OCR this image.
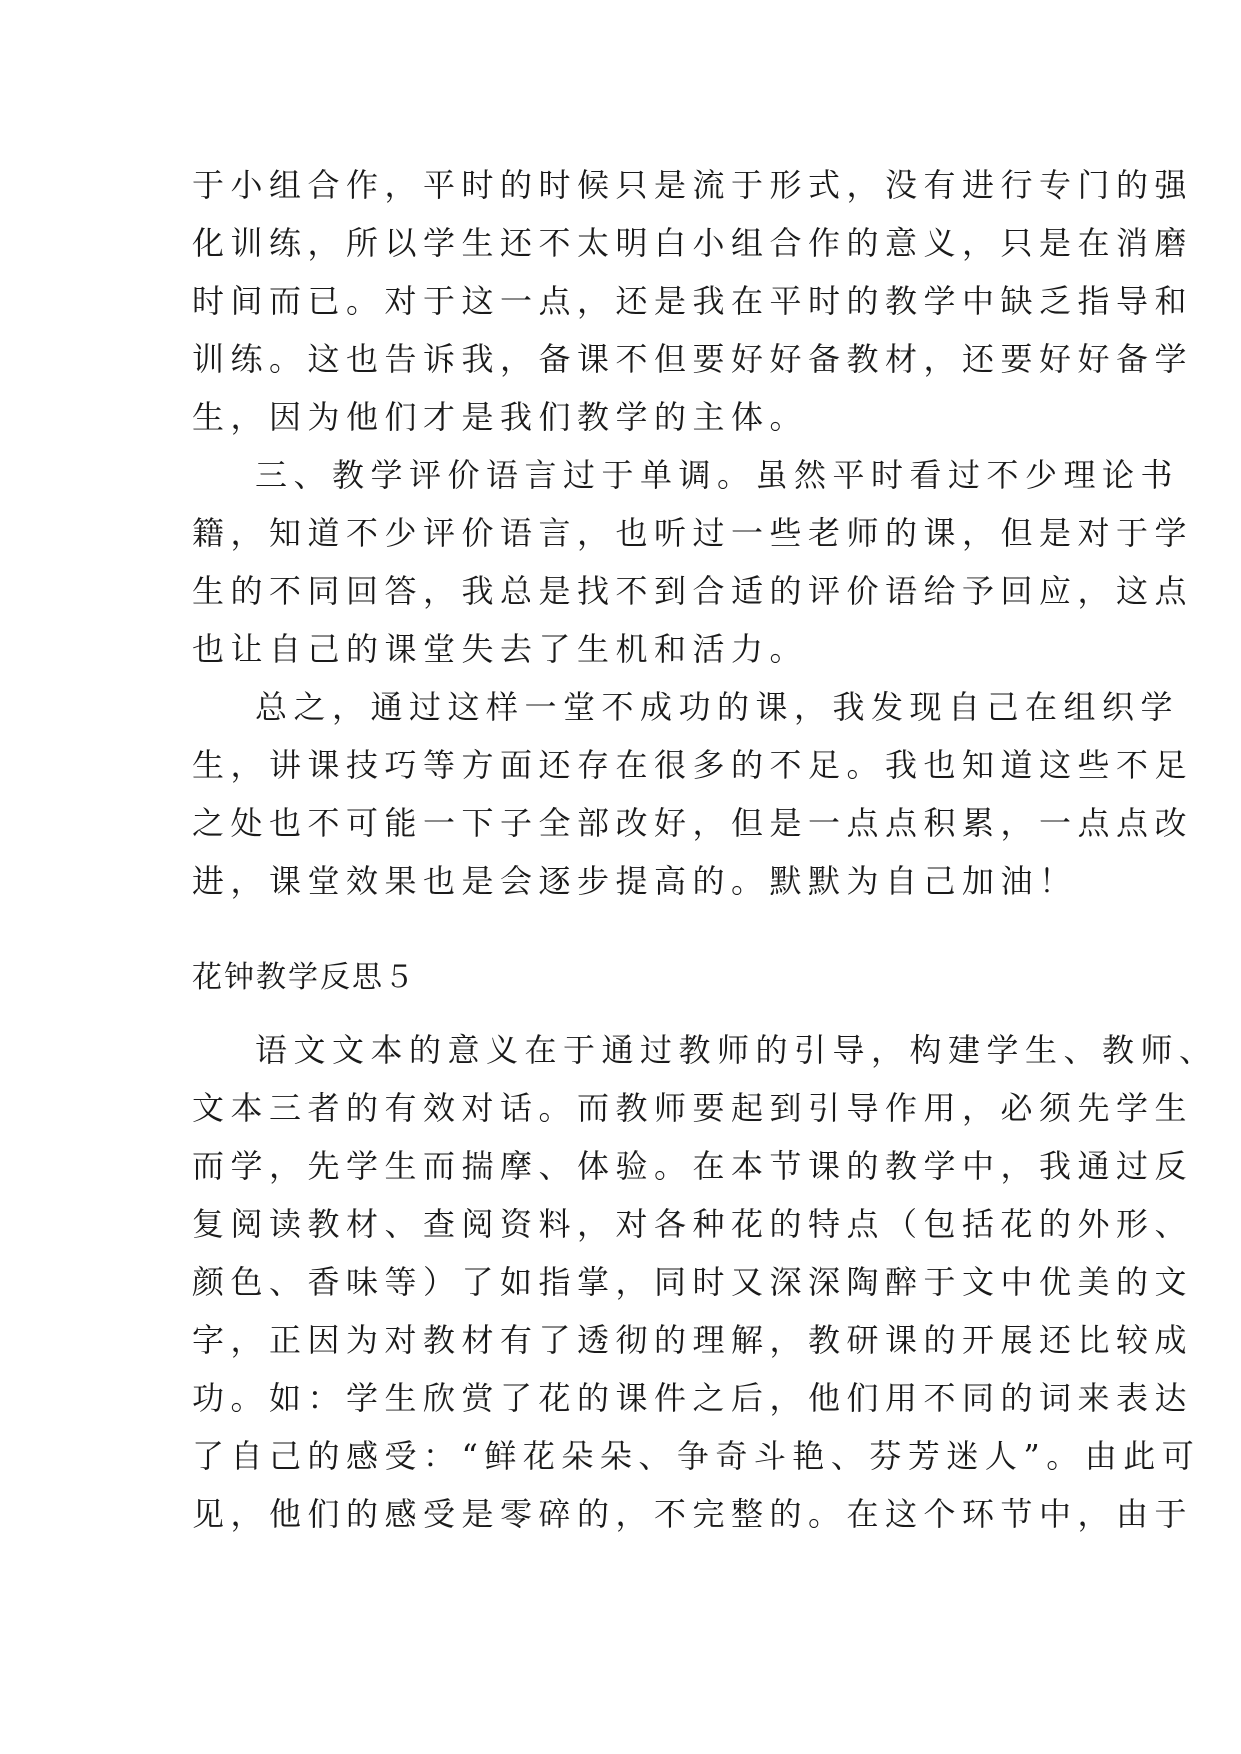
于小组合作，平时的时候只是流于形式，没有进行专门的强
化训练，所以学生还不太明白小组合作的意义，只是在消磨
时间而已。对于这一点，还是我在平时的教学中缺乏指导和
训练。这也告诉我，备课不但要好好备教材，还要好好备学
生，因为他们才是我们教学的主体。
三、教学评价语言过于单调。虽然平时看过不少理论书
籍，知道不少评价语言，也听过一些老师的课，但是对于学
生的不同回答，我总是找不到合适的评价语给予回应，这点
也让自己的课堂失去了生机和活力。
总之，通过这样一堂不成功的课，我发现自己在组织学
生，讲课技巧等方面还存在很多的不足。我也知道这些不足
之处也不可能一下子全部改好，但是一点点积累，一点点改
进，课堂效果也是会逐步提高的。默默为自己加油！
花钟教学反思５
语文文本的意义在于通过教师的引导，构建学生、教师、
文本三者的有效对话。而教师要起到引导作用，必须先学生
而学，先学生而揣摩、体验。在本节课的教学中，我通过反
复阅读教材、查阅资料，对各种花的特点（包括花的外形、
颜色、香味等）了如指掌，同时又深深陶醉于文中优美的文
字，正因为对教材有了透彻的理解，教研课的开展还比较成
功。如：学生欣赏了花的课件之后，他们用不同的词来表达
了自己的感受：“鲜花朵朵、争奇斗艳、芬芳迷人”。由此可
见，他们的感受是零碎的，不完整的。在这个环节中，由于
